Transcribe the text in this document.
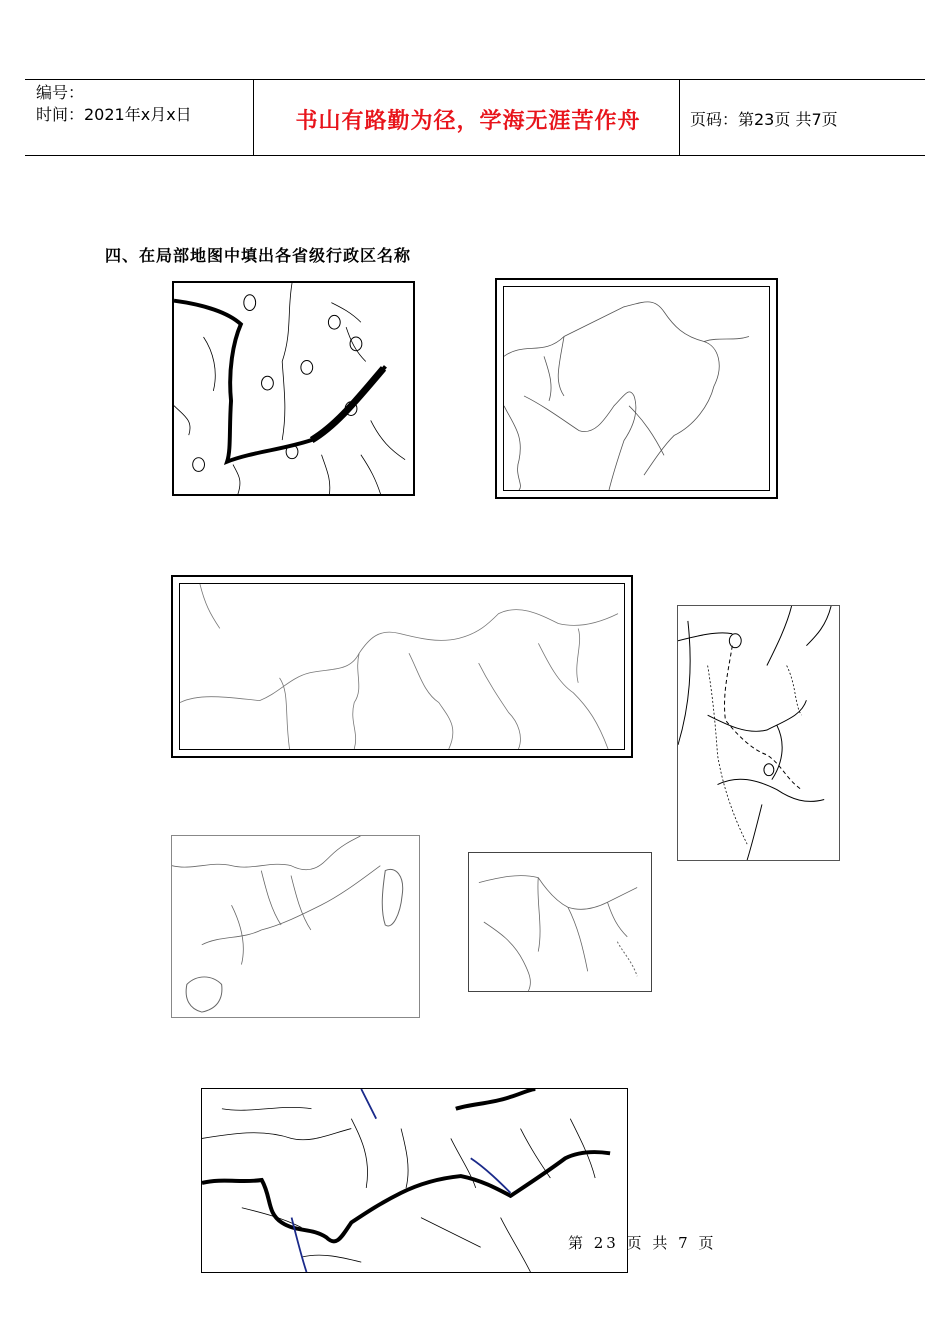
编号：
时间：2021年x月x日	书山有路勤为径，学海无涯苦作舟	页码：第23页 共7页
四、在局部地图中填出各省级行政区名称
第 23 页 共 7 页
